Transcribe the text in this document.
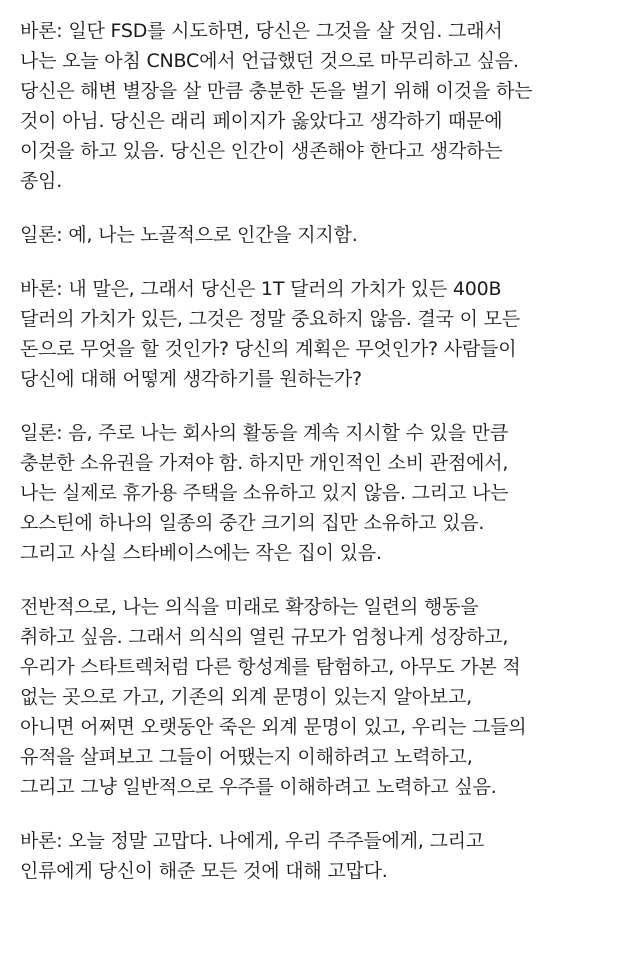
바론: 일단 FSD를 시도하면, 당신은 그것을 살 것임. 그래서
나는 오늘 아침 CNBC에서 언급했던 것으로 마무리하고 싶음.
당신은 해변 별장을 살 만큼 충분한 돈을 벌기 위해 이것을 하는
것이 아님. 당신은 래리 페이지가 옳았다고 생각하기 때문에
이것을 하고 있음. 당신은 인간이 생존해야 한다고 생각하는
종임.

일론: 예, 나는 노골적으로 인간을 지지함.

바론: 내 말은, 그래서 당신은 1T 달러의 가치가 있든 400B
달러의 가치가 있든, 그것은 정말 중요하지 않음. 결국 이 모든
돈으로 무엇을 할 것인가? 당신의 계획은 무엇인가? 사람들이
당신에 대해 어떻게 생각하기를 원하는가?

일론: 음, 주로 나는 회사의 활동을 계속 지시할 수 있을 만큼
충분한 소유권을 가져야 함. 하지만 개인적인 소비 관점에서,
나는 실제로 휴가용 주택을 소유하고 있지 않음. 그리고 나는
오스틴에 하나의 일종의 중간 크기의 집만 소유하고 있음.
그리고 사실 스타베이스에는 작은 집이 있음.

전반적으로, 나는 의식을 미래로 확장하는 일련의 행동을
취하고 싶음. 그래서 의식의 열린 규모가 엄청나게 성장하고,
우리가 스타트렉처럼 다른 항성계를 탐험하고, 아무도 가본 적
없는 곳으로 가고, 기존의 외계 문명이 있는지 알아보고,
아니면 어쩌면 오랫동안 죽은 외계 문명이 있고, 우리는 그들의
유적을 살펴보고 그들이 어땠는지 이해하려고 노력하고,
그리고 그냥 일반적으로 우주를 이해하려고 노력하고 싶음.

바론: 오늘 정말 고맙다. 나에게, 우리 주주들에게, 그리고
인류에게 당신이 해준 모든 것에 대해 고맙다.
